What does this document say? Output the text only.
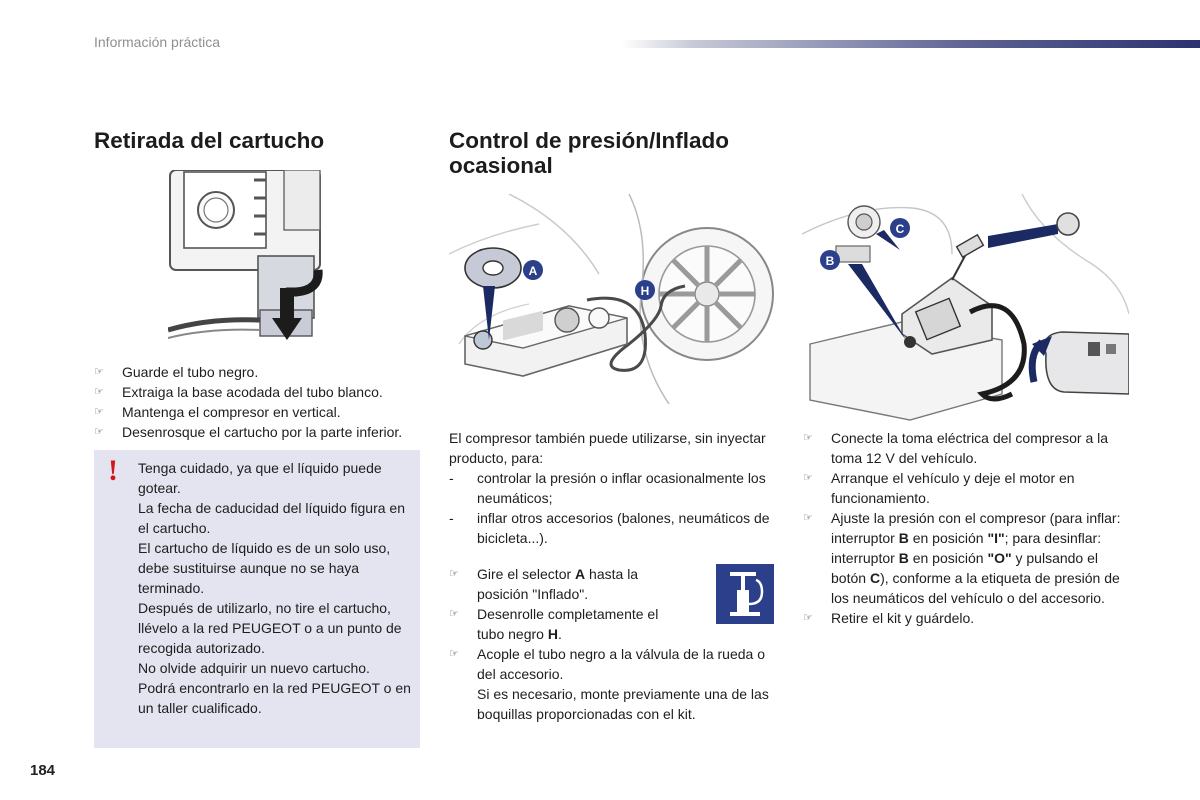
Información práctica
Retirada del cartucho
☞ Guarde el tubo negro.
☞ Extraiga la base acodada del tubo blanco.
☞ Mantenga el compresor en vertical.
☞ Desenrosque el cartucho por la parte inferior.
! Tenga cuidado, ya que el líquido puede gotear.

La fecha de caducidad del líquido figura en el cartucho.

El cartucho de líquido es de un solo uso, debe sustituirse aunque no se haya terminado.

Después de utilizarlo, no tire el cartucho, llévelo a la red PEUGEOT o a un punto de recogida autorizado.

No olvide adquirir un nuevo cartucho.

Podrá encontrarlo en la red PEUGEOT o en un taller cualificado.

184
Control de presión/Inflado
ocasional
A
H
B
C

El compresor también puede utilizarse, sin inyectar producto, para:

- controlar la presión o inflar ocasionalmente los neumáticos;
- inflar otros accesorios (balones, neumáticos de bicicleta...).
☞ Gire el selector A hasta la posición "Inflado".
☞ Desenrolle completamente el tubo negro H.
☞ Acople el tubo negro a la válvula de la rueda o del accesorio.
Si es necesario, monte previamente una de las boquillas proporcionadas con el kit.
☞ Conecte la toma eléctrica del compresor a la toma 12 V del vehículo.
☞ Arranque el vehículo y deje el motor en funcionamiento.
☞ Ajuste la presión con el compresor (para inflar: interruptor B en posición "I"; para desinflar: interruptor B en posición "O" y pulsando el botón C), conforme a la etiqueta de presión de los neumáticos del vehículo o del accesorio.
☞ Retire el kit y guárdelo.
